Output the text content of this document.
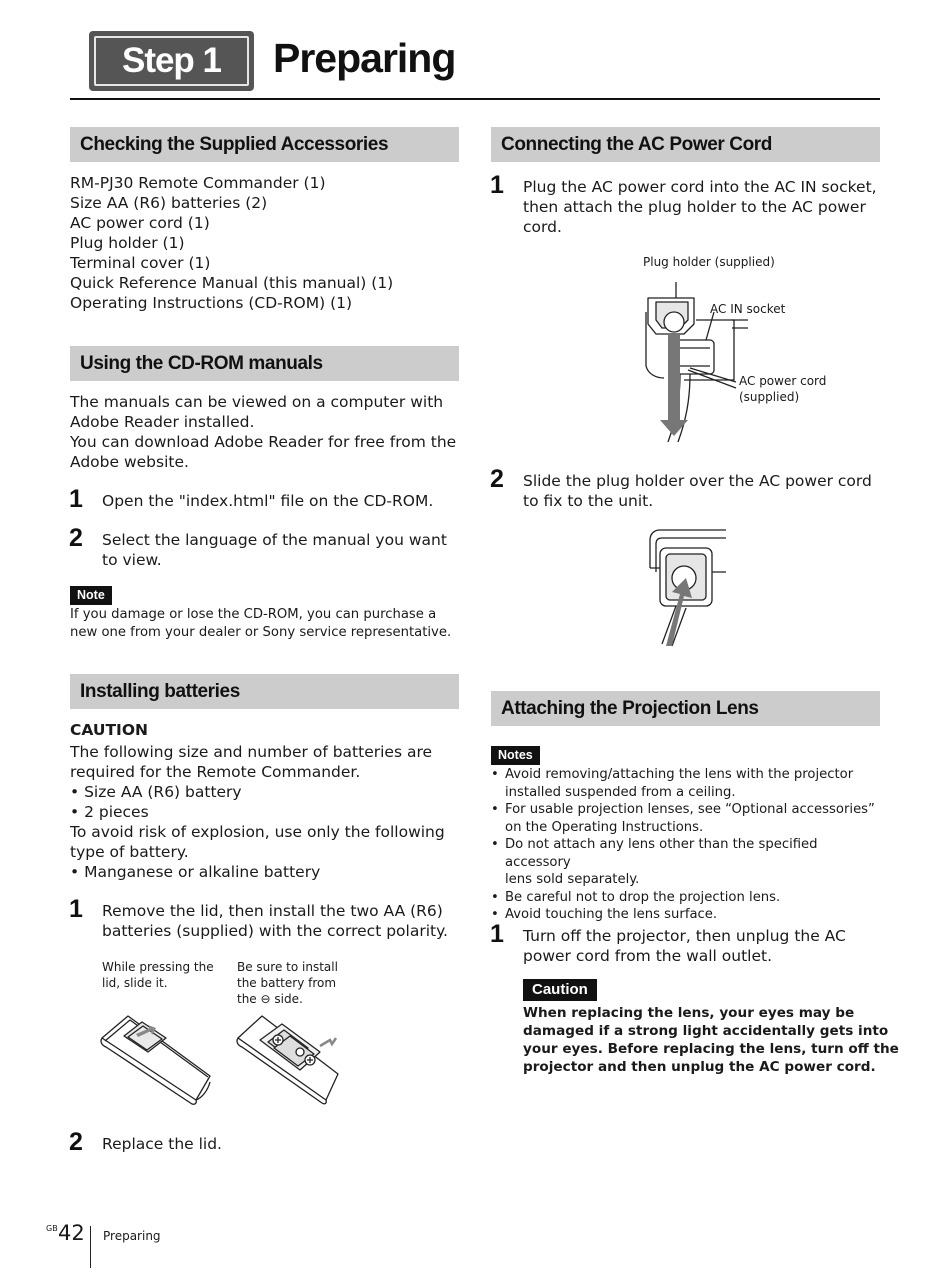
Step 1	Preparing
Checking the Supplied Accessories
RM-PJ30 Remote Commander (1)
Size AA (R6) batteries (2)
AC power cord (1)
Plug holder (1)
Terminal cover (1)
Quick Reference Manual (this manual) (1)
Operating Instructions (CD-ROM) (1)
Using the CD-ROM manuals
The manuals can be viewed on a computer with
Adobe Reader installed.
You can download Adobe Reader for free from the
Adobe website.
1 Open the "index.html" file on the CD-ROM.
2 Select the language of the manual you want
to view.
Note
If you damage or lose the CD-ROM, you can purchase a
new one from your dealer or Sony service representative.
Installing batteries
CAUTION
The following size and number of batteries are
required for the Remote Commander.
• Size AA (R6) battery
• 2 pieces
To avoid risk of explosion, use only the following
type of battery.
• Manganese or alkaline battery
1 Remove the lid, then install the two AA (R6)
batteries (supplied) with the correct polarity.
While pressing the
lid, slide it.
Be sure to install
the battery from
the ⊖ side.
2 Replace the lid.
Connecting the AC Power Cord
1 Plug the AC power cord into the AC IN socket,
then attach the plug holder to the AC power
cord.
Plug holder (supplied)
AC IN socket
AC power cord
(supplied)
2 Slide the plug holder over the AC power cord
to fix to the unit.
Attaching the Projection Lens
Notes
• Avoid removing/attaching the lens with the projector
installed suspended from a ceiling.
• For usable projection lenses, see “Optional accessories”
on the Operating Instructions.
• Do not attach any lens other than the specified accessory
lens sold separately.
• Be careful not to drop the projection lens.
• Avoid touching the lens surface.
1 Turn off the projector, then unplug the AC
power cord from the wall outlet.
Caution
When replacing the lens, your eyes may be
damaged if a strong light accidentally gets into
your eyes. Before replacing the lens, turn off the
projector and then unplug the AC power cord.
GB 42 Preparing
